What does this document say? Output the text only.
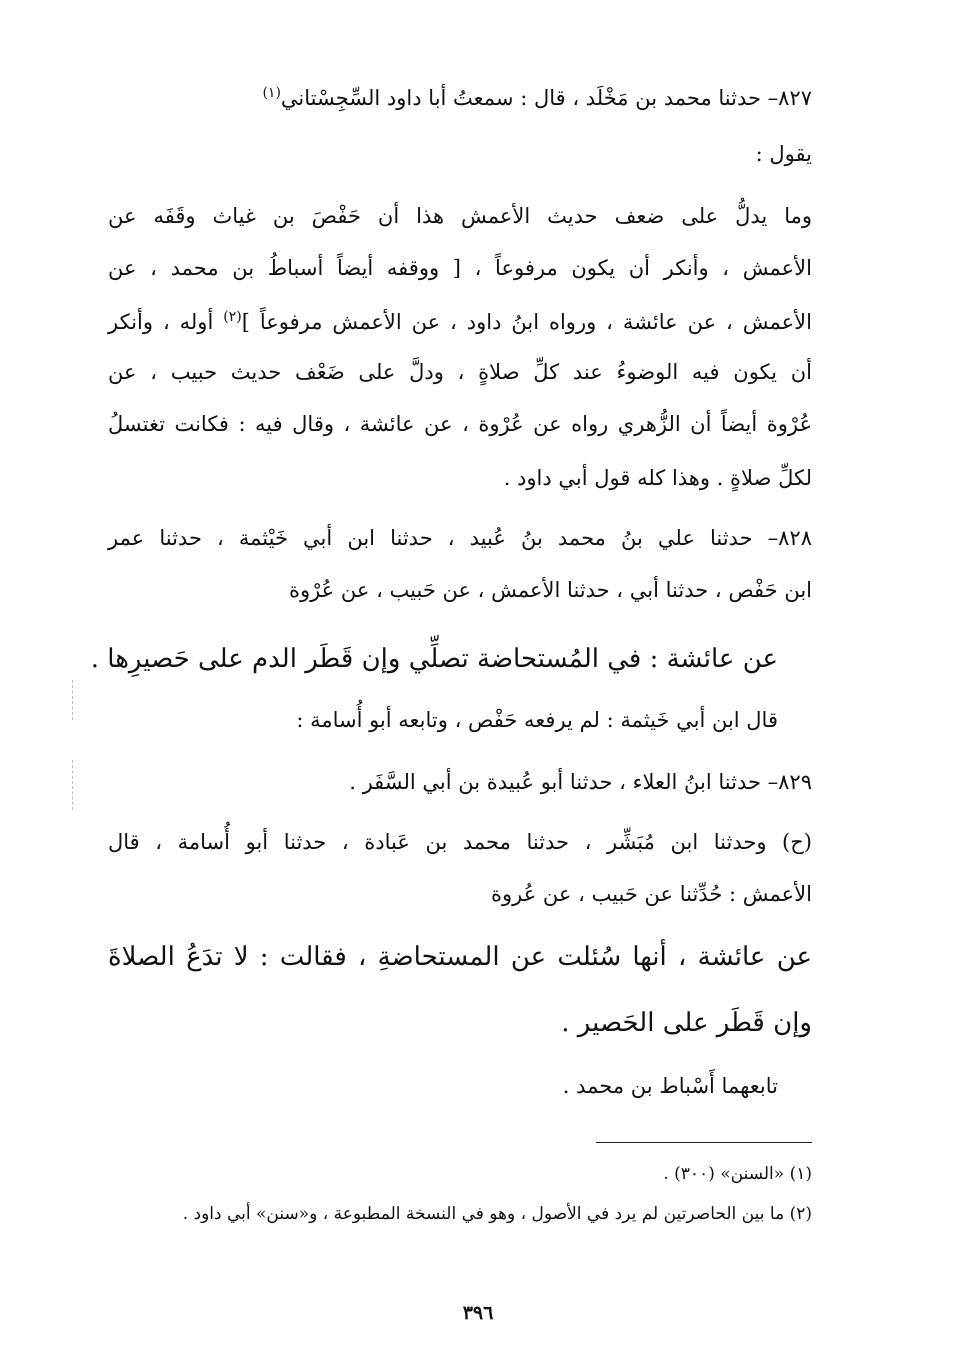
٨٢٧– حدثنا محمد بن مَخْلَد ، قال : سمعتُ أبا داود السِّجِسْتاني$^{(١)}$
يقول :
وما يدلُّ على ضعف حديث الأعمش هذا أن حَفْصَ بن غياث وقَفَه عن
الأعمش ، وأنكر أن يكون مرفوعاً ، [ ووقفه أيضاً أسباطُ بن محمد ، عن
الأعمش ، عن عائشة ، ورواه ابنُ داود ، عن الأعمش مرفوعاً ]$^{(٢)}$ أوله ، وأنكر
أن يكون فيه الوضوءُ عند كلِّ صلاةٍ ، ودلَّ على ضَعْف حديث حبيب ، عن
عُرْوة أيضاً أن الزُّهري رواه عن عُرْوة ، عن عائشة ، وقال فيه : فكانت تغتسلُ
لكلِّ صلاةٍ . وهذا كله قول أبي داود .
٨٢٨– حدثنا علي بنُ محمد بنُ عُبيد ، حدثنا ابن أبي خَيْثمة ، حدثنا عمر
ابن حَفْص ، حدثنا أبي ، حدثنا الأعمش ، عن حَبيب ، عن عُرْوة
عن عائشة : في المُستحاضة تصلِّي وإن قَطَر الدم على حَصيرِها .
قال ابن أبي خَيثمة : لم يرفعه حَفْص ، وتابعه أبو أُسامة :
٨٢٩– حدثنا ابنُ العلاء ، حدثنا أبو عُبيدة بن أبي السَّفَر .
(ح) وحدثنا ابن مُبَشِّر ، حدثنا محمد بن عَبادة ، حدثنا أبو أُسامة ، قال
الأعمش : حُدِّثنا عن حَبيب ، عن عُروة
عن عائشة ، أنها سُئلت عن المستحاضةِ ، فقالت : لا تدَعُ الصلاةَ
وإن قَطَر على الحَصير .
تابعهما أَسْباط بن محمد .
(١) «السنن» (٣٠٠) .
(٢) ما بين الحاصرتين لم يرد في الأصول ، وهو في النسخة المطبوعة ، و«سنن» أبي داود .
٣٩٦
